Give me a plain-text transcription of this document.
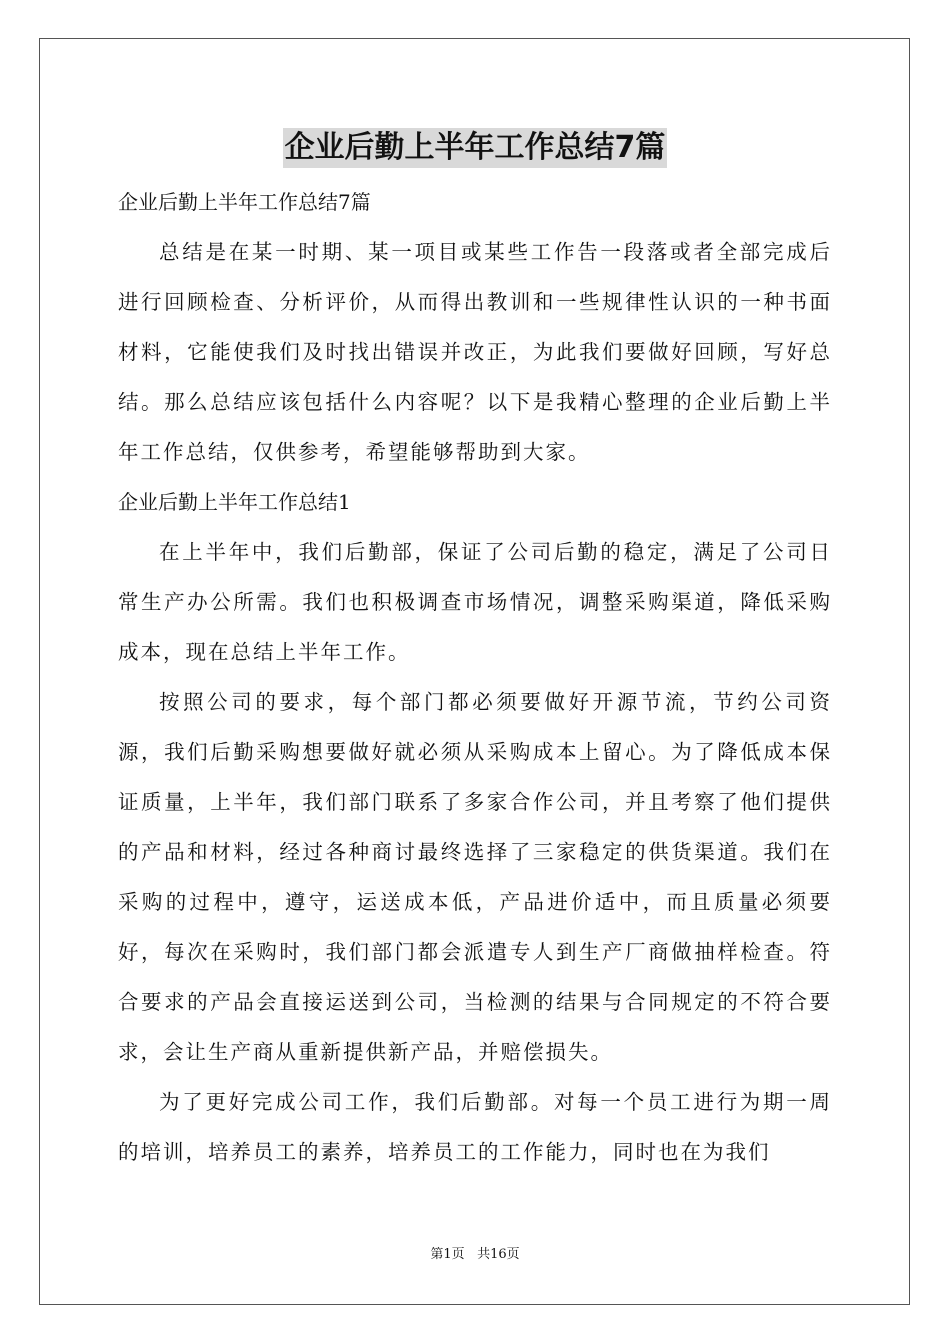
企业后勤上半年工作总结7篇
企业后勤上半年工作总结7篇

总结是在某一时期、某一项目或某些工作告一段落或者全部完成后进行回顾检查、分析评价，从而得出教训和一些规律性认识的一种书面材料，它能使我们及时找出错误并改正，为此我们要做好回顾，写好总结。那么总结应该包括什么内容呢？以下是我精心整理的企业后勤上半年工作总结，仅供参考，希望能够帮助到大家。

企业后勤上半年工作总结1

在上半年中，我们后勤部，保证了公司后勤的稳定，满足了公司日常生产办公所需。我们也积极调查市场情况，调整采购渠道，降低采购成本，现在总结上半年工作。

按照公司的要求，每个部门都必须要做好开源节流，节约公司资源，我们后勤采购想要做好就必须从采购成本上留心。为了降低成本保证质量，上半年，我们部门联系了多家合作公司，并且考察了他们提供的产品和材料，经过各种商讨最终选择了三家稳定的供货渠道。我们在采购的过程中，遵守，运送成本低，产品进价适中，而且质量必须要好，每次在采购时，我们部门都会派遣专人到生产厂商做抽样检查。符合要求的产品会直接运送到公司，当检测的结果与合同规定的不符合要求，会让生产商从重新提供新产品，并赔偿损失。

为了更好完成公司工作，我们后勤部。对每一个员工进行为期一周的培训，培养员工的素养，培养员工的工作能力，同时也在为我们

第1页 共16页
